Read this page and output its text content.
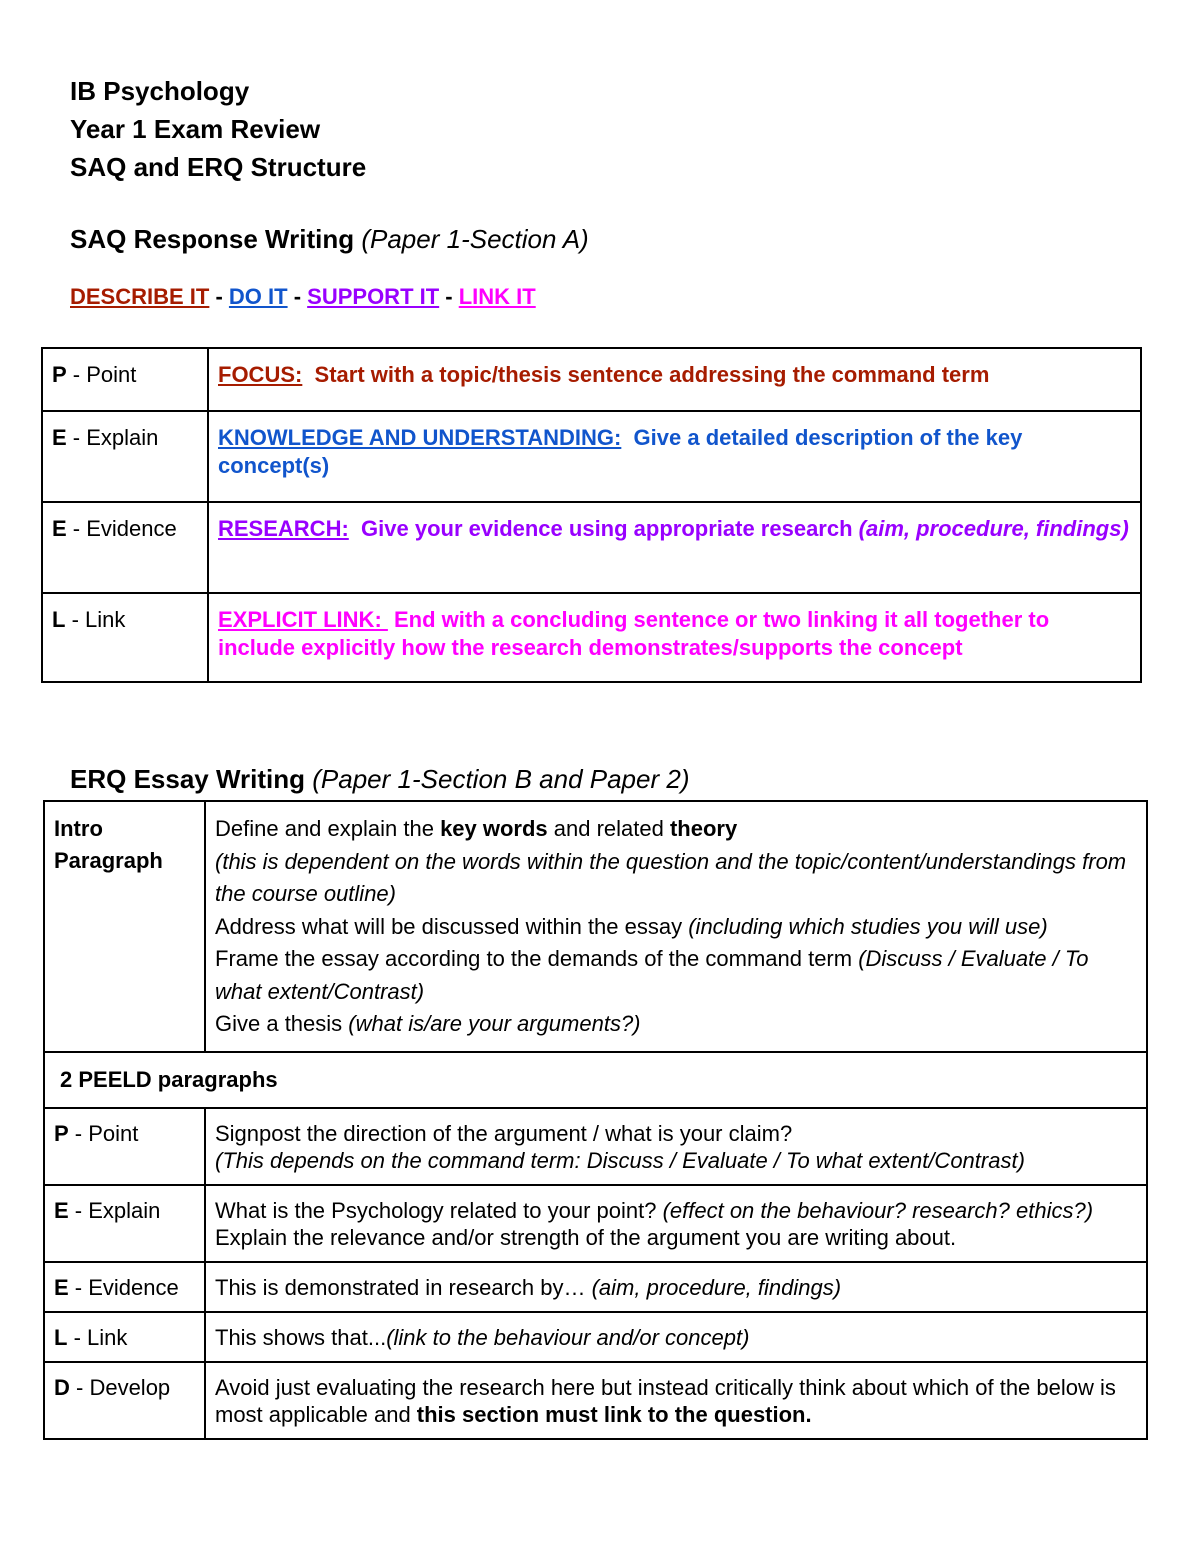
IB Psychology
Year 1 Exam Review
SAQ and ERQ Structure
SAQ Response Writing (Paper 1-Section A)
DESCRIBE IT - DO IT - SUPPORT IT - LINK IT
P - Point	FOCUS:  Start with a topic/thesis sentence addressing the command term
E - Explain	KNOWLEDGE AND UNDERSTANDING:  Give a detailed description of the key concept(s)
E - Evidence	RESEARCH:  Give your evidence using appropriate research (aim, procedure, findings)
L - Link	EXPLICIT LINK:  End with a concluding sentence or two linking it all together to include explicitly how the research demonstrates/supports the concept
ERQ Essay Writing (Paper 1-Section B and Paper 2)
Intro Paragraph	Define and explain the key words and related theory
(this is dependent on the words within the question and the topic/content/understandings from the course outline)
Address what will be discussed within the essay (including which studies you will use)
Frame the essay according to the demands of the command term (Discuss / Evaluate / To what extent/Contrast)
Give a thesis (what is/are your arguments?)

2 PEELD paragraphs	
P - Point	Signpost the direction of the argument / what is your claim?
(This depends on the command term: Discuss / Evaluate / To what extent/Contrast)

E - Explain	What is the Psychology related to your point? (effect on the behaviour? research? ethics?)
Explain the relevance and/or strength of the argument you are writing about.

E - Evidence	This is demonstrated in research by… (aim, procedure, findings)
L - Link	This shows that...(link to the behaviour and/or concept)
D - Develop	Avoid just evaluating the research here but instead critically think about which of the below is most applicable and this section must link to the question.
